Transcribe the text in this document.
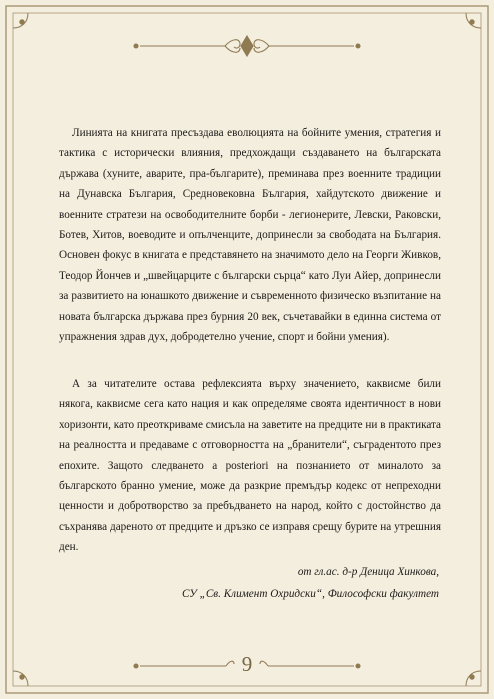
Линията на книгата пресъздава еволюцията на бойните умения, стратегия и тактика с исторически влияния, предхождащи създаването на българската държава (хуните, аварите, пра-българите), преминава през военните традиции на Дунавска България, Средновековна България, хайдутското движение и военните стратези на освободителните борби - легионерите, Левски, Раковски, Ботев, Хитов, воеводите и опълченците, допринесли за свободата на България. Основен фокус в книгата е представянето на значимото дело на Георги Живков, Теодор Йончев и „швейцарците с български сърца“ като Луи Айер, допринесли за развитието на юнашкото движение и съвременното физическо възпитание на новата българска държава през бурния 20 век, съчетавайки в единна система от упражнения здрав дух, добродетелно учение, спорт и бойни умения).

А за читателите остава рефлексията върху значението, каквисме били някога, каквисме сега като нация и как определяме своята идентичност в нови хоризонти, като преоткриваме смисъла на заветите на предците ни в практиката на реалността и предаваме с отговорността на „бранители“, съградентото през епохите. Защото следването a posteriori на познанието от миналото за българското бранно умение, може да разкрие премъдър кодекс от непреходни ценности и добротворство за пребъдването на народ, който с достойнство да съхранява дареното от предците и дръзко се изправя срещу бурите на утрешния ден.

от гл.ас. д-р Деница Хинкова,
СУ „Св. Климент Охридски“, Философски факултет
9
